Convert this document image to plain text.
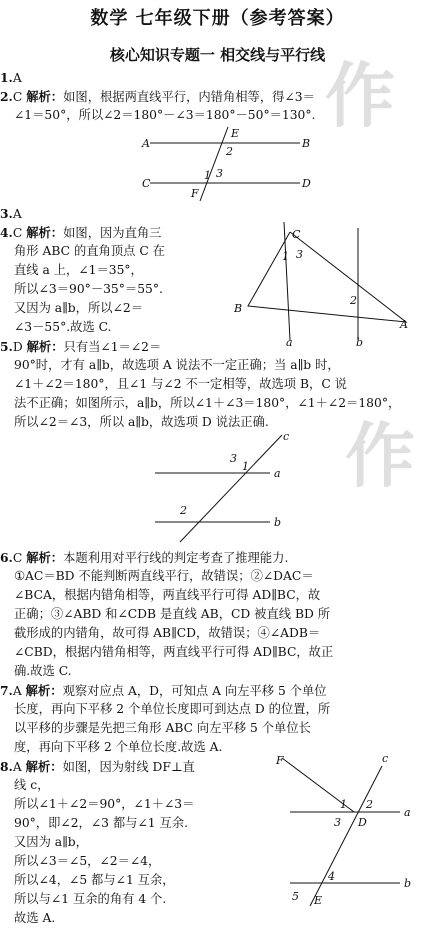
作
作
数学 七年级下册（参考答案）
核心知识专题一 相交线与平行线
1.A
2.C 解析：如图，根据两直线平行，内错角相等，得∠3＝
∠1＝50°，所以∠2＝180°－∠3＝180°－50°＝130°.
A	B
C	D
E
F
2
1 3
3.A
4.C 解析：如图，因为直角三
角形 ABC 的直角顶点 C 在
直线 a 上，∠1＝35°，
所以∠3＝90°－35°＝55°.
又因为 a∥b，所以∠2＝
∠3－55°.故选 C.
C
B
A
a	b
1 3
2
5.D 解析：只有当∠1＝∠2＝
90°时，才有 a∥b，故选项 A 说法不一定正确；当 a∥b 时，
∠1＋∠2＝180°，且∠1 与∠2 不一定相等，故选项 B，C 说
法不正确；如图所示，a∥b，所以∠1＋∠3＝180°，∠1＋∠2＝180°，
所以∠2＝∠3，所以 a∥b，故选项 D 说法正确.
c
a
b
3
1
2
6.C 解析：本题利用对平行线的判定考查了推理能力.
①AC＝BD 不能判断两直线平行，故错误；②∠DAC＝
∠BCA，根据内错角相等，两直线平行可得 AD∥BC，故
正确；③∠ABD 和∠CDB 是直线 AB，CD 被直线 BD 所
截形成的内错角，故可得 AB∥CD，故错误；④∠ADB＝
∠CBD，根据内错角相等，两直线平行可得 AD∥BC，故正
确.故选 C.
7.A 解析：观察对应点 A，D，可知点 A 向左平移 5 个单位
长度，再向下平移 2 个单位长度即可到达点 D 的位置，所
以平移的步骤是先把三角形 ABC 向左平移 5 个单位长
度，再向下平移 2 个单位长度.故选 A.
8.A 解析：如图，因为射线 DF⊥直
线 c，
所以∠1＋∠2＝90°，∠1＋∠3＝
90°，即∠2，∠3 都与∠1 互余.
又因为 a∥b，
所以∠3＝∠5，∠2＝∠4，
所以∠4，∠5 都与∠1 互余，
所以与∠1 互余的角有 4 个.
故选 A.
F	c
a
b
D
E
1 2
3
4
5
